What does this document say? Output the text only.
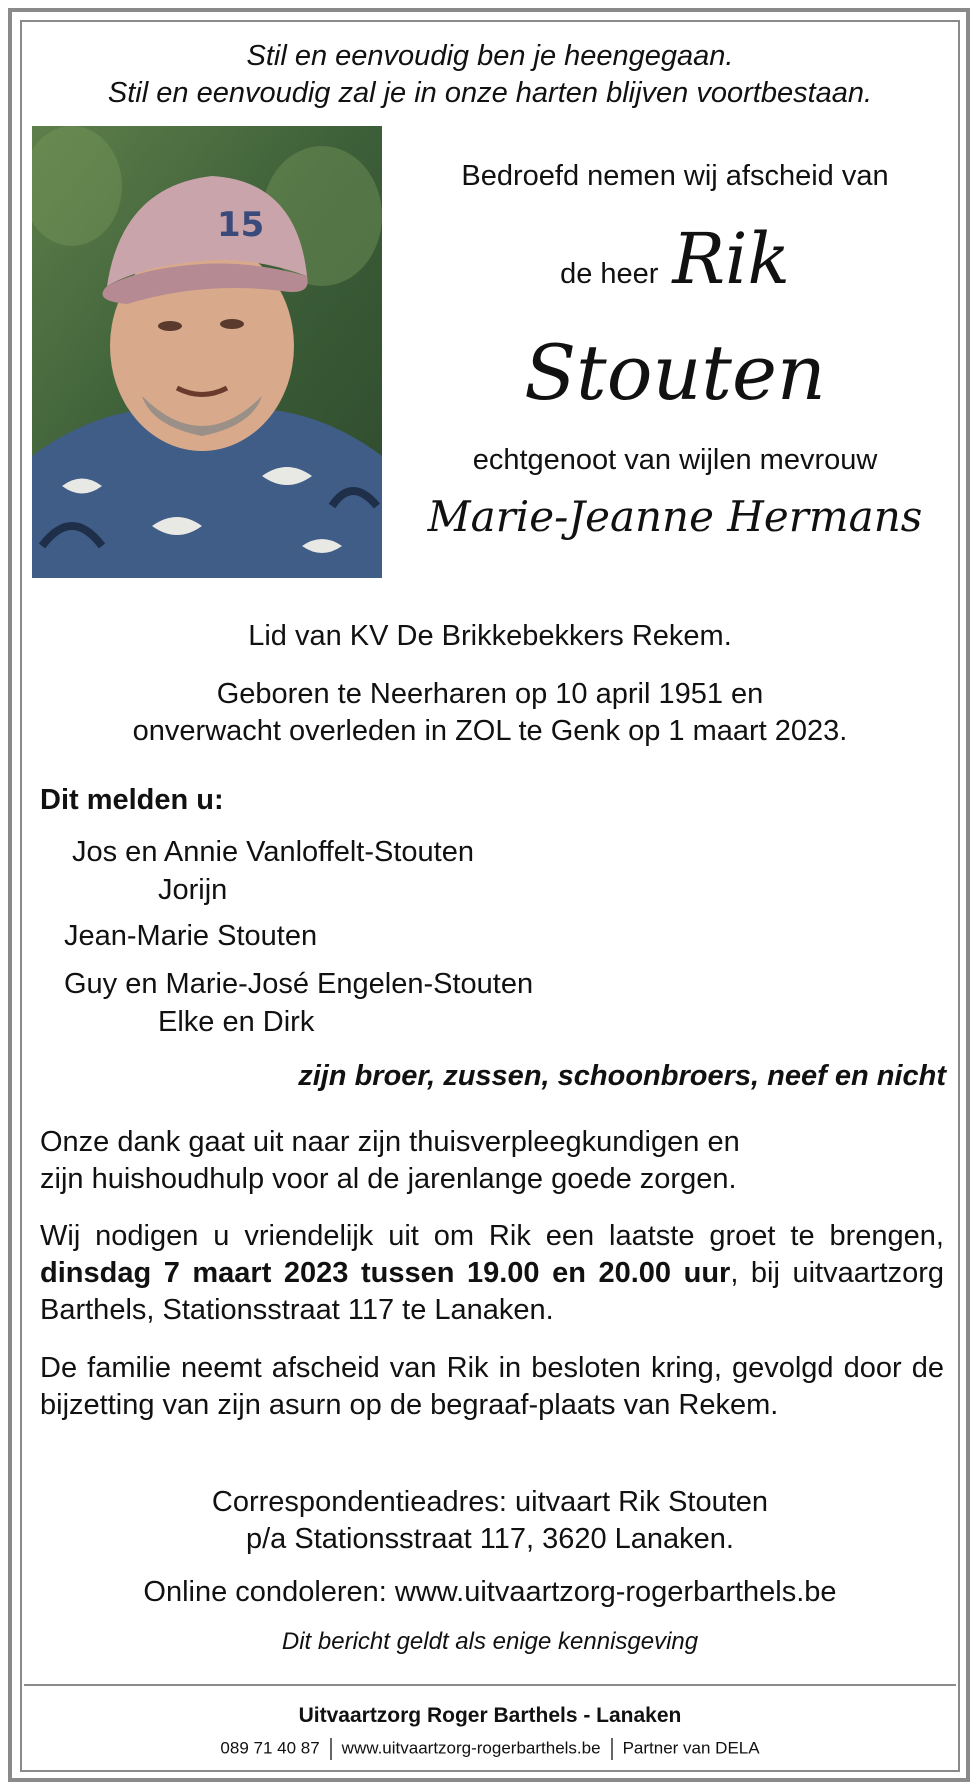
Stil en eenvoudig ben je heengegaan.
Stil en eenvoudig zal je in onze harten blijven voortbestaan.
15
Bedroefd nemen wij afscheid van
de heer Rik
Stouten
echtgenoot van wijlen mevrouw
Marie-Jeanne Hermans
Lid van KV De Brikkebekkers Rekem.
Geboren te Neerharen op 10 april 1951 en
onverwacht overleden in ZOL te Genk op 1 maart 2023.
Dit melden u:
Jos en Annie Vanloffelt-Stouten
Jorijn
Jean-Marie Stouten
Guy en Marie-José Engelen-Stouten
Elke en Dirk
zijn broer, zussen, schoonbroers, neef en nicht
Onze dank gaat uit naar zijn thuisverpleegkundigen en
zijn huishoudhulp voor al de jarenlange goede zorgen.
Wij nodigen u vriendelijk uit om Rik een laatste groet te brengen, dinsdag 7 maart 2023 tussen 19.00 en 20.00 uur, bij uitvaartzorg Barthels, Stationsstraat 117 te Lanaken.
De familie neemt afscheid van Rik in besloten kring, gevolgd door de bijzetting van zijn asurn op de begraaf-plaats van Rekem.
Correspondentieadres: uitvaart Rik Stouten
p/a Stationsstraat 117, 3620 Lanaken.
Online condoleren: www.uitvaartzorg-rogerbarthels.be
Dit bericht geldt als enige kennisgeving
Uitvaartzorg Roger Barthels - Lanaken
089 71 40 87 www.uitvaartzorg-rogerbarthels.be Partner van DELA
